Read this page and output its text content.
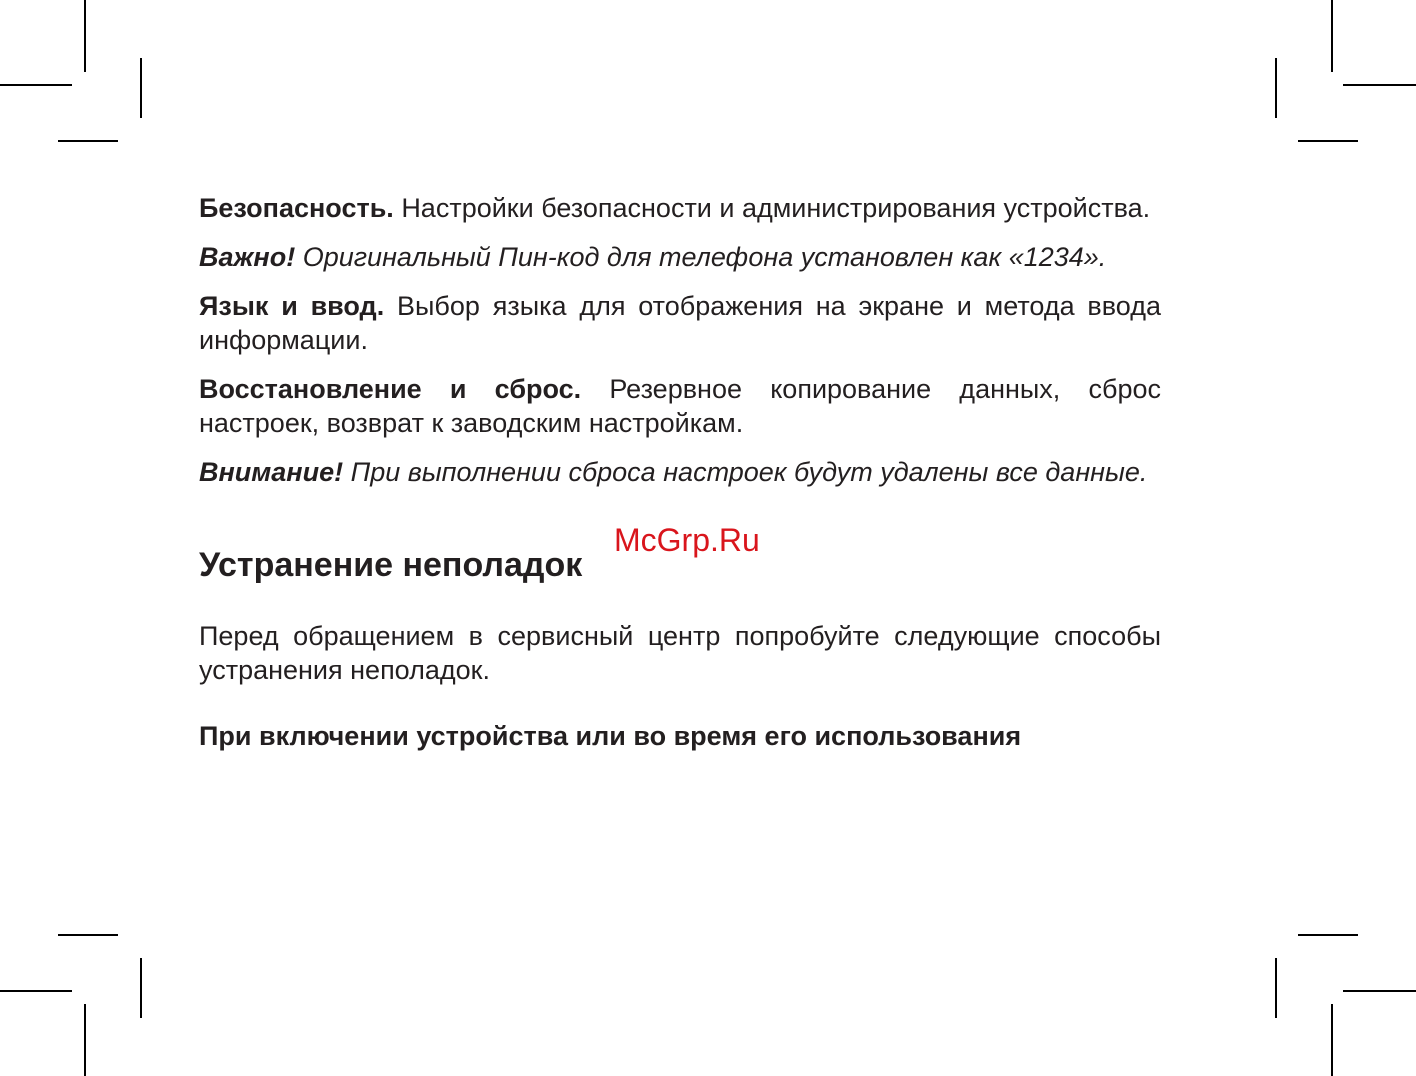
Безопасность. Настройки безопасности и администрирования устройства.

Важно! Оригинальный Пин-код для телефона установлен как «1234».

Язык и ввод. Выбор языка для отображения на экране и метода ввода информации.

Восстановление и сброс. Резервное копирование данных, сброс настроек, возврат к заводским настройкам.

Внимание! При выполнении сброса настроек будут удалены все данные.

Устранение неполадок

Перед обращением в сервисный центр попробуйте следующие способы устранения неполадок.

При включении устройства или во время его использования
McGrp.Ru
